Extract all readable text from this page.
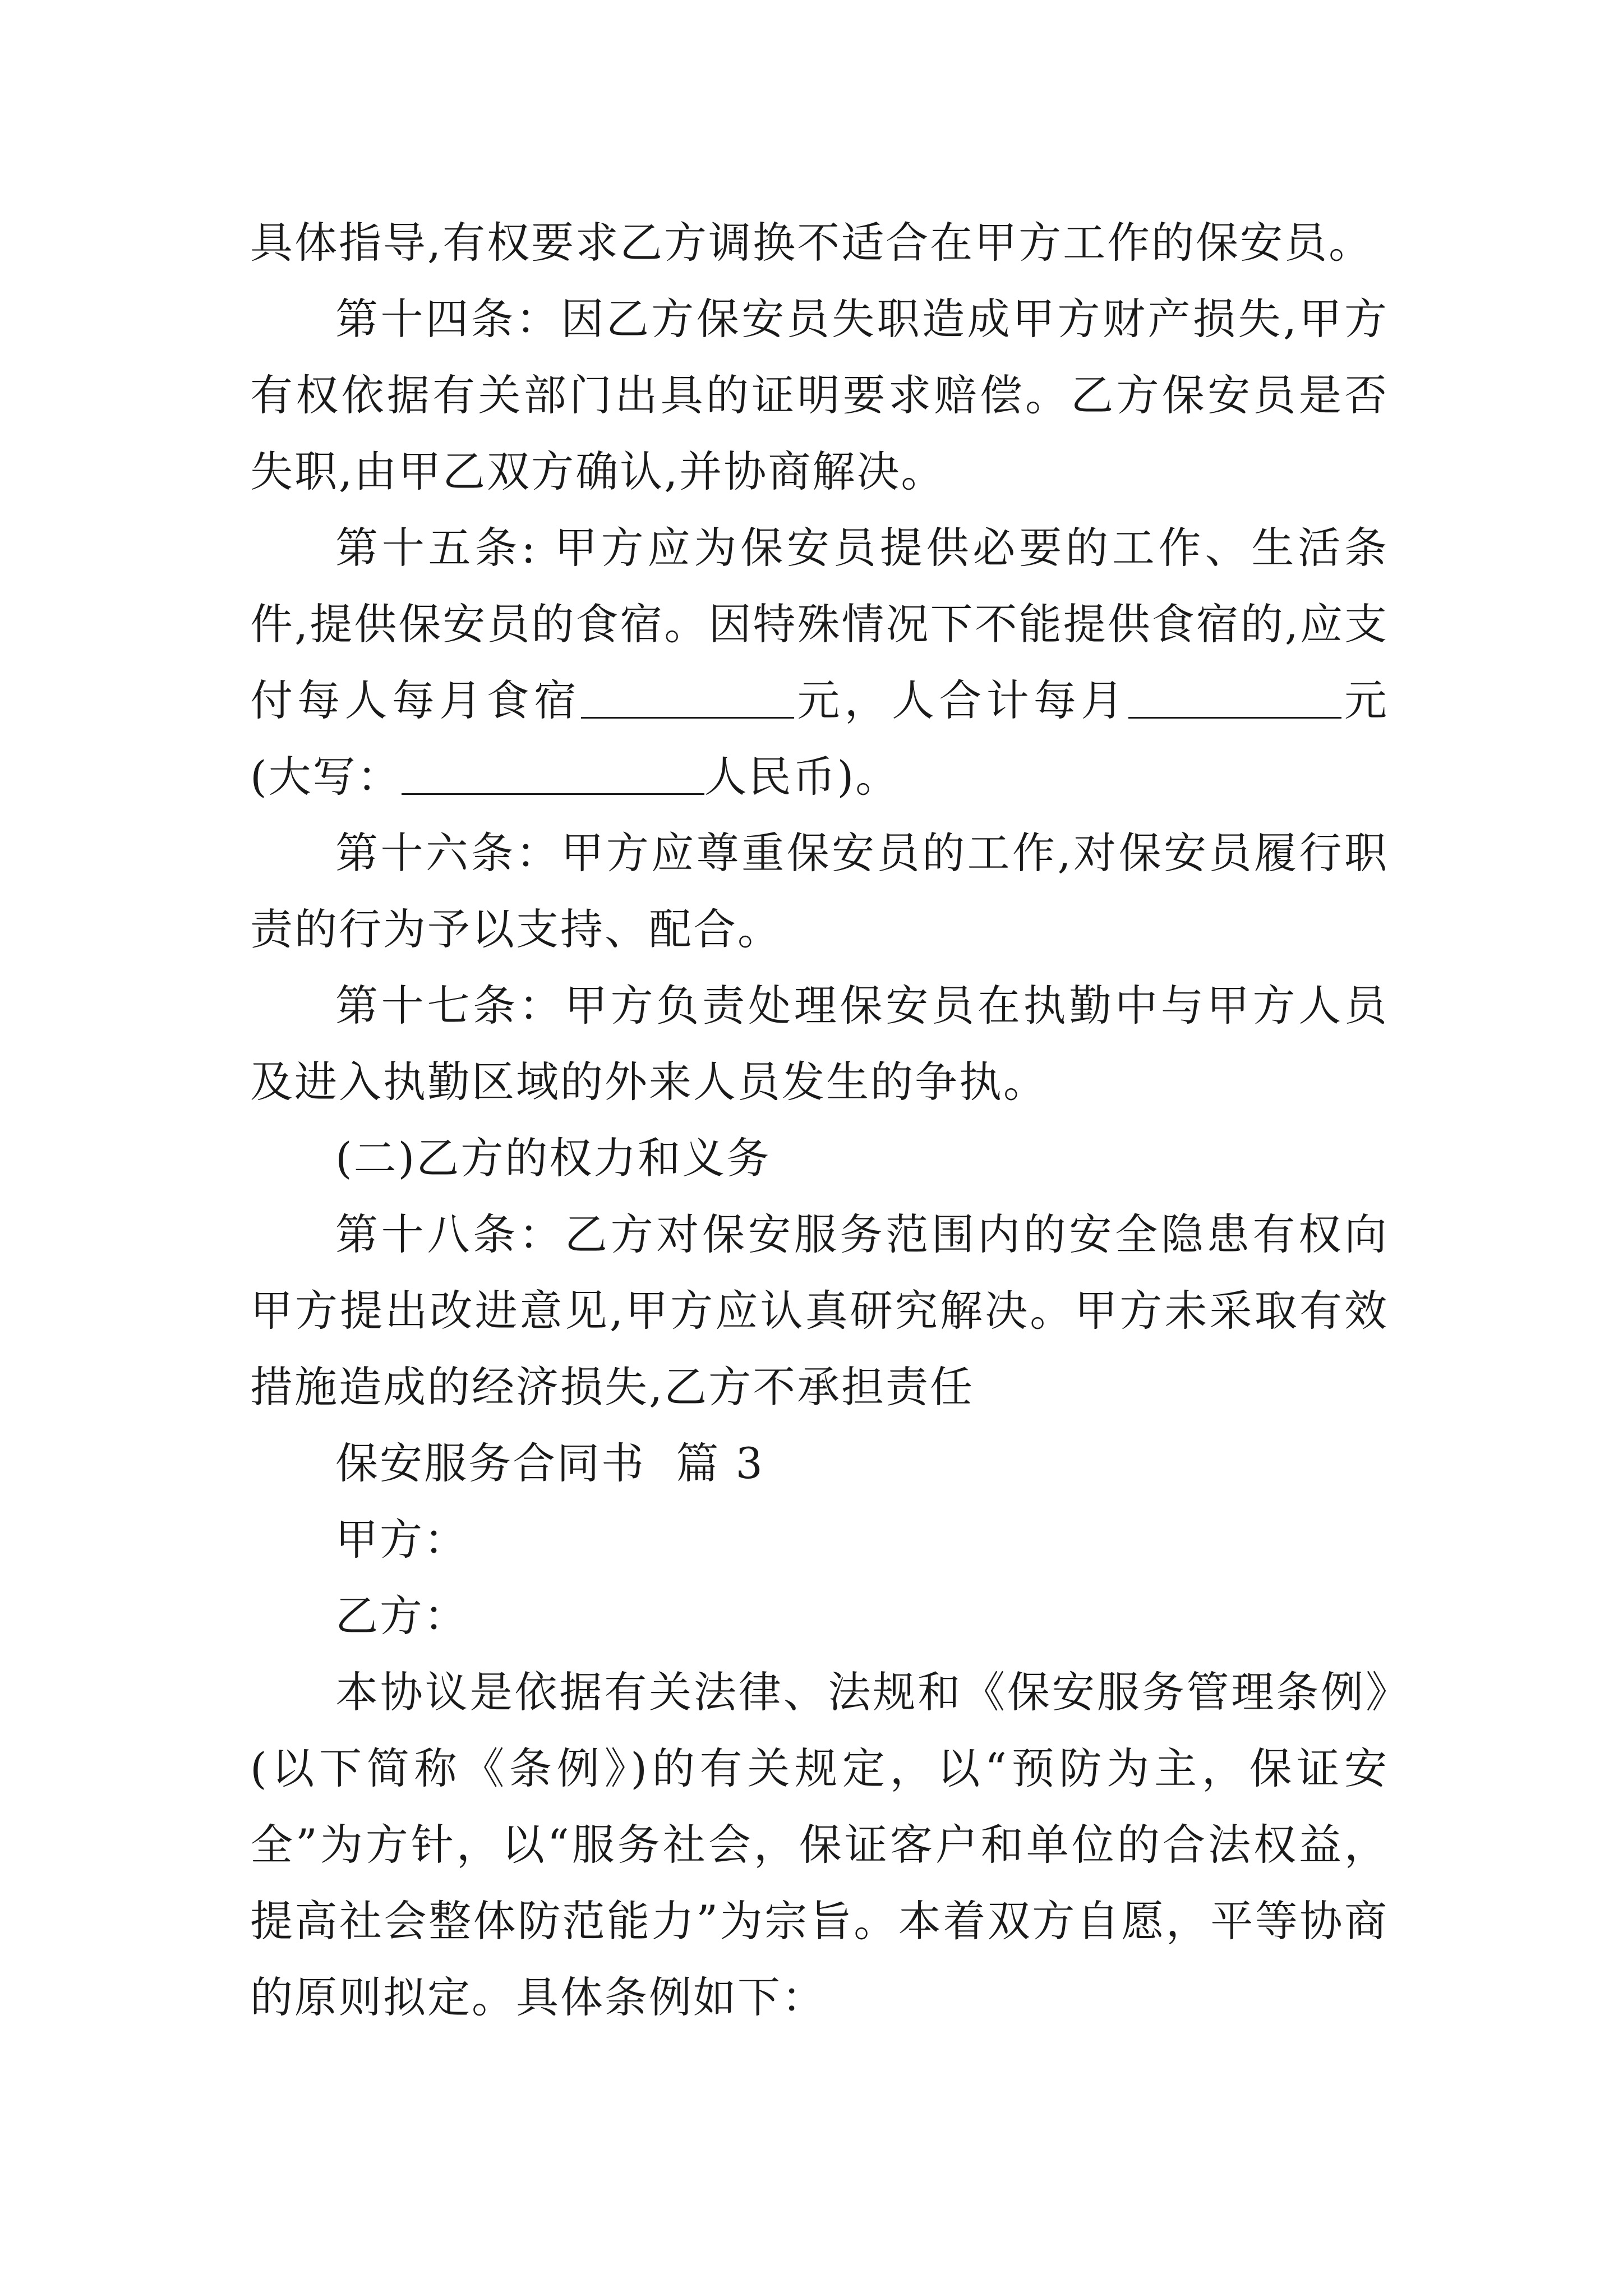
具体指导,有权要求乙方调换不适合在甲方工作的保安员。

第十四条：因乙方保安员失职造成甲方财产损失,甲方有权依据有关部门出具的证明要求赔偿。乙方保安员是否失职,由甲乙双方确认,并协商解决。

第十五条: 甲方应为保安员提供必要的工作、生活条件,提供保安员的食宿。因特殊情况下不能提供食宿的,应支付每人每月食宿	元，人合计每月	元(大写：	人民币)。

第十六条：甲方应尊重保安员的工作,对保安员履行职责的行为予以支持、配合。

第十七条：甲方负责处理保安员在执勤中与甲方人员及进入执勤区域的外来人员发生的争执。

(二)乙方的权力和义务

第十八条：乙方对保安服务范围内的安全隐患有权向甲方提出改进意见,甲方应认真研究解决。甲方未采取有效措施造成的经济损失,乙方不承担责任

保安服务合同书  篇 3

甲方：

乙方：

本协议是依据有关法律、法规和《保安服务管理条例》(以下简称《条例》)的有关规定，以“预防为主，保证安全”为方针，以“服务社会，保证客户和单位的合法权益，提高社会整体防范能力”为宗旨。本着双方自愿，平等协商的原则拟定。具体条例如下：
